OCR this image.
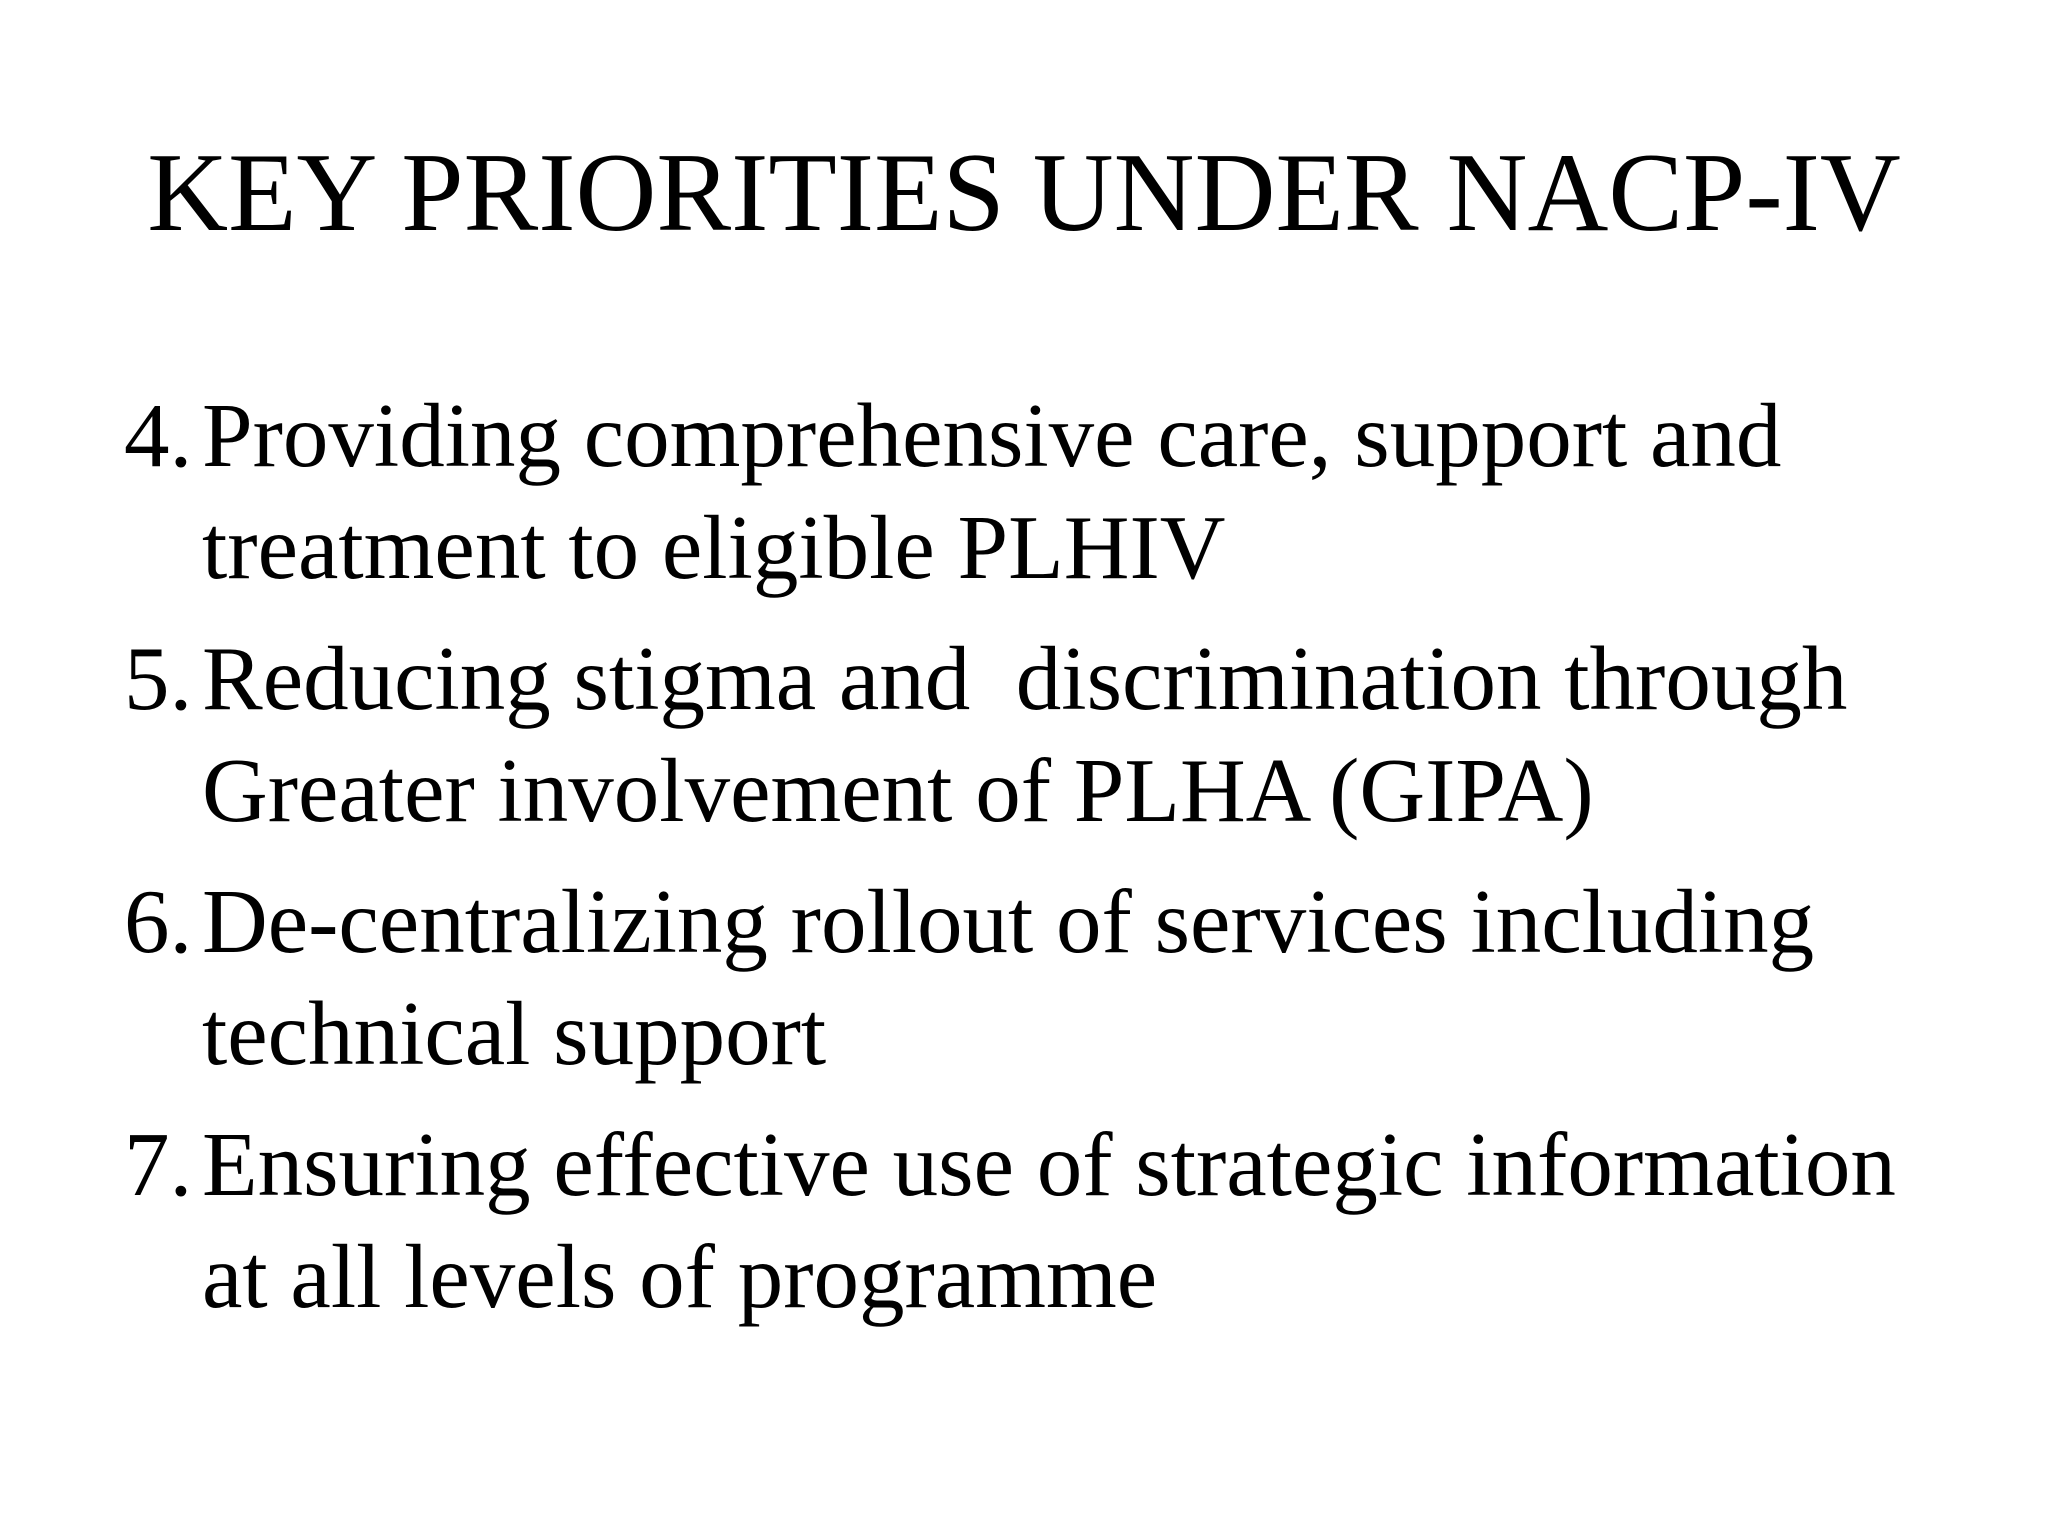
KEY PRIORITIES UNDER NACP-IV
4. Providing comprehensive care, support and
treatment to eligible PLHIV
5. Reducing stigma and  discrimination through
Greater involvement of PLHA (GIPA)
6. De-centralizing rollout of services including
technical support
7. Ensuring effective use of strategic information
at all levels of programme
